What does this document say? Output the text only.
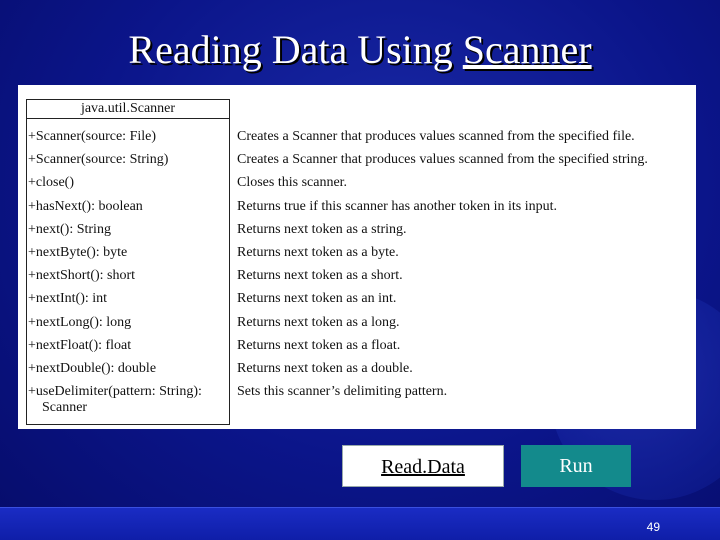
Reading Data Using Scanner
java.util.Scanner
+Scanner(source: File)	Creates a Scanner that produces values scanned from the specified file.
+Scanner(source: String)	Creates a Scanner that produces values scanned from the specified string.
+close()	Closes this scanner.
+hasNext(): boolean	Returns true if this scanner has another token in its input.
+next(): String	Returns next token as a string.
+nextByte(): byte	Returns next token as a byte.
+nextShort(): short	Returns next token as a short.
+nextInt(): int	Returns next token as an int.
+nextLong(): long	Returns next token as a long.
+nextFloat(): float	Returns next token as a float.
+nextDouble(): double	Returns next token as a double.
+useDelimiter(pattern: String):	Sets this scanner’s delimiting pattern.
Scanner
Read.Data	Run
49
